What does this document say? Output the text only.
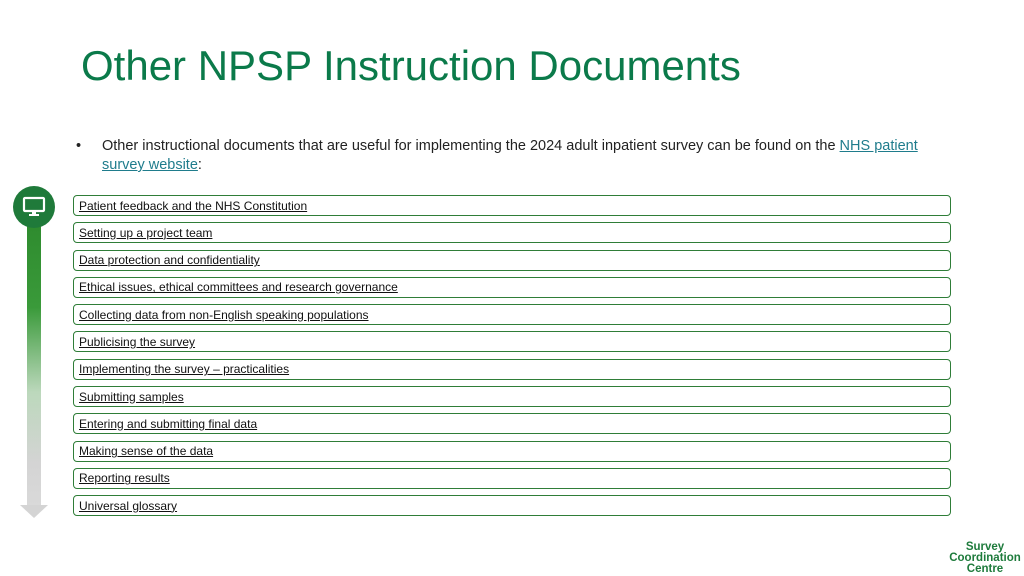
Other NPSP Instruction Documents
• Other instructional documents that are useful for implementing the 2024 adult inpatient survey can be found on the NHS patient survey website:
Patient feedback and the NHS Constitution
Setting up a project team
Data protection and confidentiality
Ethical issues, ethical committees and research governance
Collecting data from non-English speaking populations
Publicising the survey
Implementing the survey – practicalities
Submitting samples
Entering and submitting final data
Making sense of the data
Reporting results
Universal glossary
Survey
Coordination
Centre
